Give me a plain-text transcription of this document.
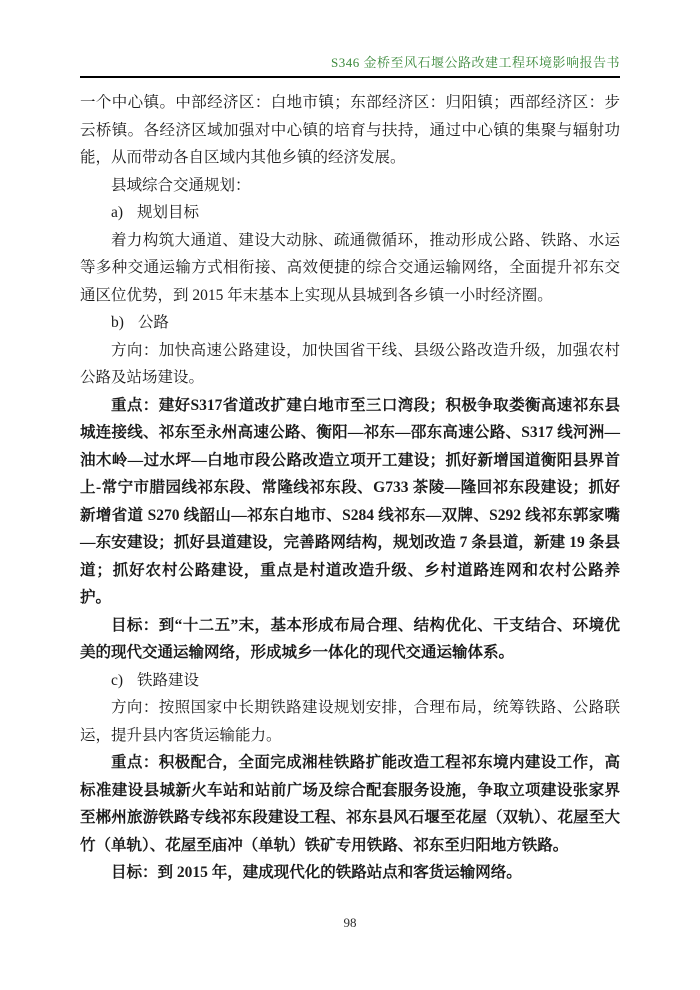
S346 金桥至风石堰公路改建工程环境影响报告书

一个中心镇。中部经济区：白地市镇；东部经济区：归阳镇；西部经济区：步云桥镇。各经济区域加强对中心镇的培育与扶持，通过中心镇的集聚与辐射功能，从而带动各自区域内其他乡镇的经济发展。

县域综合交通规划：

a) 规划目标

着力构筑大通道、建设大动脉、疏通微循环，推动形成公路、铁路、水运等多种交通运输方式相衔接、高效便捷的综合交通运输网络，全面提升祁东交通区位优势，到 2015 年末基本上实现从县城到各乡镇一小时经济圈。

b) 公路

方向：加快高速公路建设，加快国省干线、县级公路改造升级，加强农村公路及站场建设。

重点：建好S317省道改扩建白地市至三口湾段；积极争取娄衡高速祁东县城连接线、祁东至永州高速公路、衡阳—祁东—邵东高速公路、S317 线河洲—油木岭—过水坪—白地市段公路改造立项开工建设；抓好新增国道衡阳县界首上-常宁市腊园线祁东段、常隆线祁东段、G733 茶陵—隆回祁东段建设；抓好新增省道 S270 线韶山—祁东白地市、S284 线祁东—双牌、S292 线祁东郭家嘴—东安建设；抓好县道建设，完善路网结构，规划改造 7 条县道，新建 19 条县道；抓好农村公路建设，重点是村道改造升级、乡村道路连网和农村公路养护。

目标：到“十二五”末，基本形成布局合理、结构优化、干支结合、环境优美的现代交通运输网络，形成城乡一体化的现代交通运输体系。

c) 铁路建设

方向：按照国家中长期铁路建设规划安排，合理布局，统筹铁路、公路联运，提升县内客货运输能力。

重点：积极配合，全面完成湘桂铁路扩能改造工程祁东境内建设工作，高标准建设县城新火车站和站前广场及综合配套服务设施，争取立项建设张家界至郴州旅游铁路专线祁东段建设工程、祁东县风石堰至花屋（双轨）、花屋至大竹（单轨）、花屋至庙冲（单轨）铁矿专用铁路、祁东至归阳地方铁路。

目标：到 2015 年，建成现代化的铁路站点和客货运输网络。

98
